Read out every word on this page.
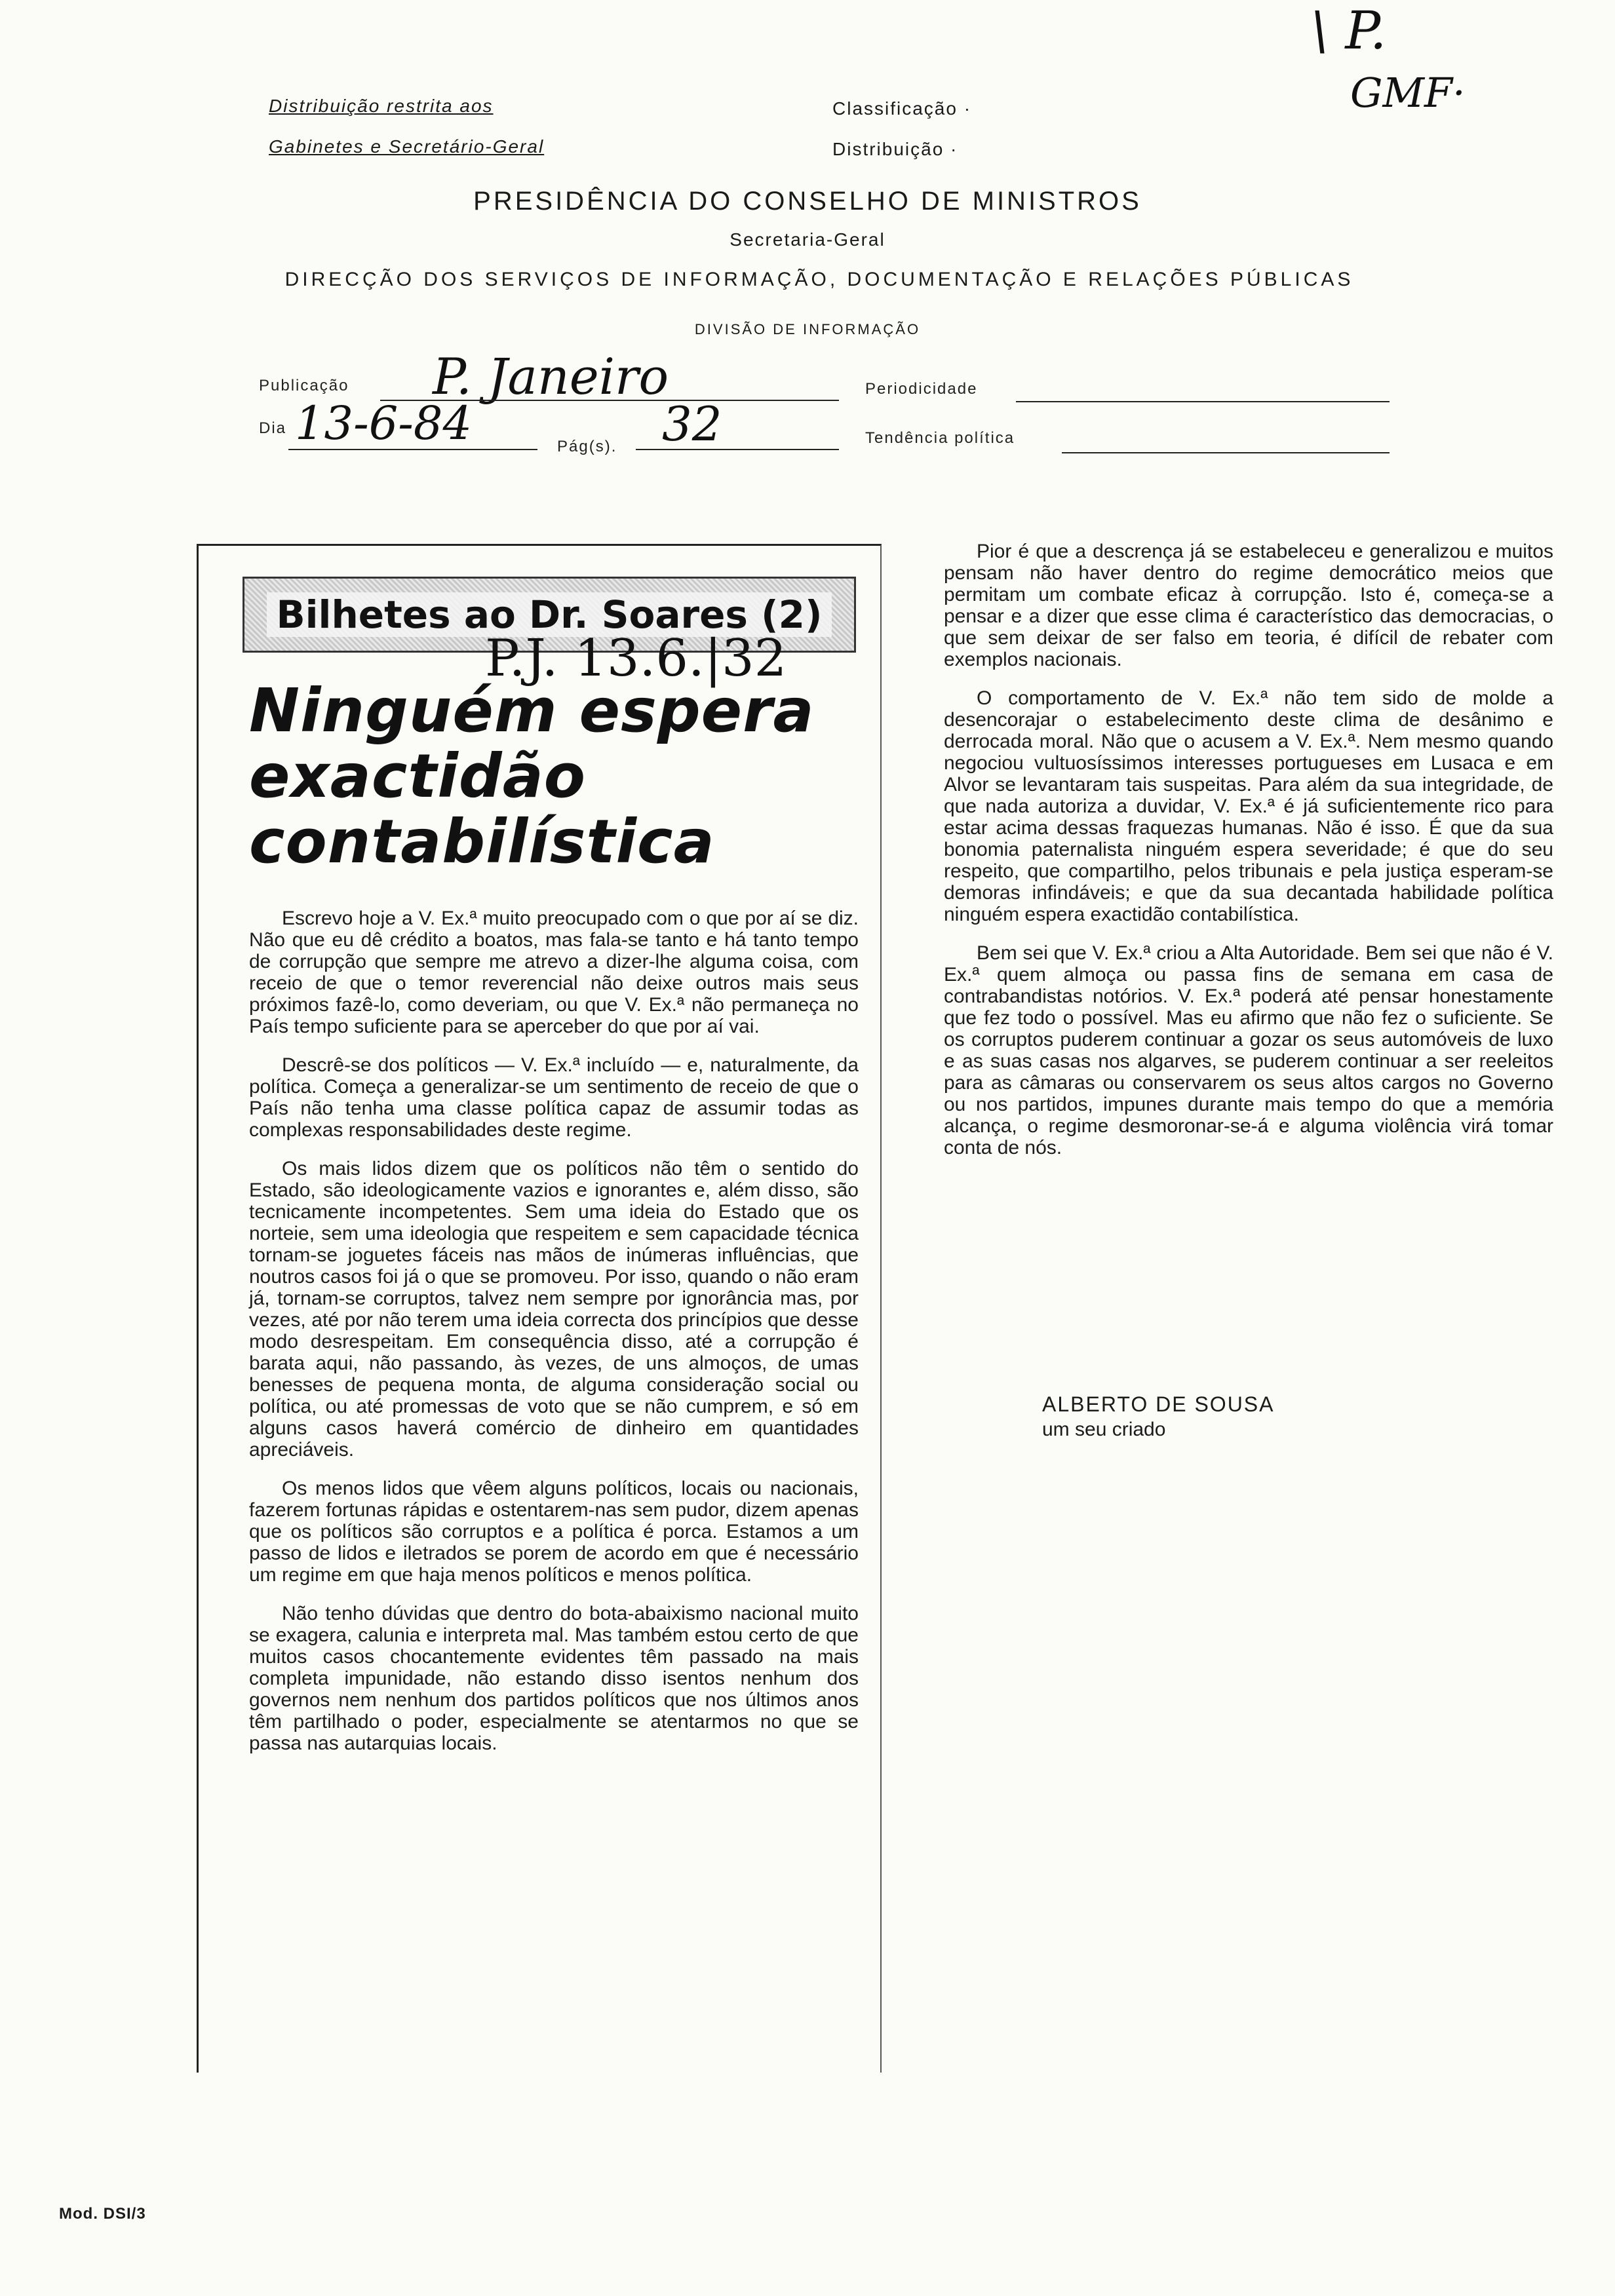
\ P.
GMF·
Distribuição restrita aos
Gabinetes e Secretário-Geral
Classificação ·
Distribuição ·
PRESIDÊNCIA DO CONSELHO DE MINISTROS
Secretaria-Geral
DIRECÇÃO DOS SERVIÇOS DE INFORMAÇÃO, DOCUMENTAÇÃO E RELAÇÕES PÚBLICAS
DIVISÃO DE INFORMAÇÃO
Publicação P. Janeiro	Periodicidade
Dia 13-6-84	Pág(s). 32	Tendência política
Bilhetes ao Dr. Soares (2)
P.J. 13.6.|32
Ninguém espera
exactidão
contabilística

Escrevo hoje a V. Ex.ª muito preocupado com o que por aí se diz. Não que eu dê crédito a boatos, mas fala-se tanto e há tanto tempo de corrupção que sempre me atrevo a dizer-lhe alguma coisa, com receio de que o temor reverencial não deixe outros mais seus próximos fazê-lo, como deveriam, ou que V. Ex.ª não permaneça no País tempo suficiente para se aperceber do que por aí vai.

Descrê-se dos políticos — V. Ex.ª incluído — e, naturalmente, da política. Começa a generalizar-se um sentimento de receio de que o País não tenha uma classe política capaz de assumir todas as complexas responsabilidades deste regime.

Os mais lidos dizem que os políticos não têm o sentido do Estado, são ideologicamente vazios e ignorantes e, além disso, são tecnicamente incompetentes. Sem uma ideia do Estado que os norteie, sem uma ideologia que respeitem e sem capacidade técnica tornam-se joguetes fáceis nas mãos de inúmeras influências, que noutros casos foi já o que se promoveu. Por isso, quando o não eram já, tornam-se corruptos, talvez nem sempre por ignorância mas, por vezes, até por não terem uma ideia correcta dos princípios que desse modo desrespeitam. Em consequência disso, até a corrupção é barata aqui, não passando, às vezes, de uns almoços, de umas benesses de pequena monta, de alguma consideração social ou política, ou até promessas de voto que se não cumprem, e só em alguns casos haverá comércio de dinheiro em quantidades apreciáveis.

Os menos lidos que vêem alguns políticos, locais ou nacionais, fazerem fortunas rápidas e ostentarem-nas sem pudor, dizem apenas que os políticos são corruptos e a política é porca. Estamos a um passo de lidos e iletrados se porem de acordo em que é necessário um regime em que haja menos políticos e menos política.

Não tenho dúvidas que dentro do bota-abaixismo nacional muito se exagera, calunia e interpreta mal. Mas também estou certo de que muitos casos chocantemente evidentes têm passado na mais completa impunidade, não estando disso isentos nenhum dos governos nem nenhum dos partidos políticos que nos últimos anos têm partilhado o poder, especialmente se atentarmos no que se passa nas autarquias locais.

Pior é que a descrença já se estabeleceu e generalizou e muitos pensam não haver dentro do regime democrático meios que permitam um combate eficaz à corrupção. Isto é, começa-se a pensar e a dizer que esse clima é característico das democracias, o que sem deixar de ser falso em teoria, é difícil de rebater com exemplos nacionais.

O comportamento de V. Ex.ª não tem sido de molde a desencorajar o estabelecimento deste clima de desânimo e derrocada moral. Não que o acusem a V. Ex.ª. Nem mesmo quando negociou vultuosíssimos interesses portugueses em Lusaca e em Alvor se levantaram tais suspeitas. Para além da sua integridade, de que nada autoriza a duvidar, V. Ex.ª é já suficientemente rico para estar acima dessas fraquezas humanas. Não é isso. É que da sua bonomia paternalista ninguém espera severidade; é que do seu respeito, que compartilho, pelos tribunais e pela justiça esperam-se demoras infindáveis; e que da sua decantada habilidade política ninguém espera exactidão contabilística.

Bem sei que V. Ex.ª criou a Alta Autoridade. Bem sei que não é V. Ex.ª quem almoça ou passa fins de semana em casa de contrabandistas notórios. V. Ex.ª poderá até pensar honestamente que fez todo o possível. Mas eu afirmo que não fez o suficiente. Se os corruptos puderem continuar a gozar os seus automóveis de luxo e as suas casas nos algarves, se puderem continuar a ser reeleitos para as câmaras ou conservarem os seus altos cargos no Governo ou nos partidos, impunes durante mais tempo do que a memória alcança, o regime desmoronar-se-á e alguma violência virá tomar conta de nós.

ALBERTO DE SOUSA
um seu criado
Mod. DSI/3
